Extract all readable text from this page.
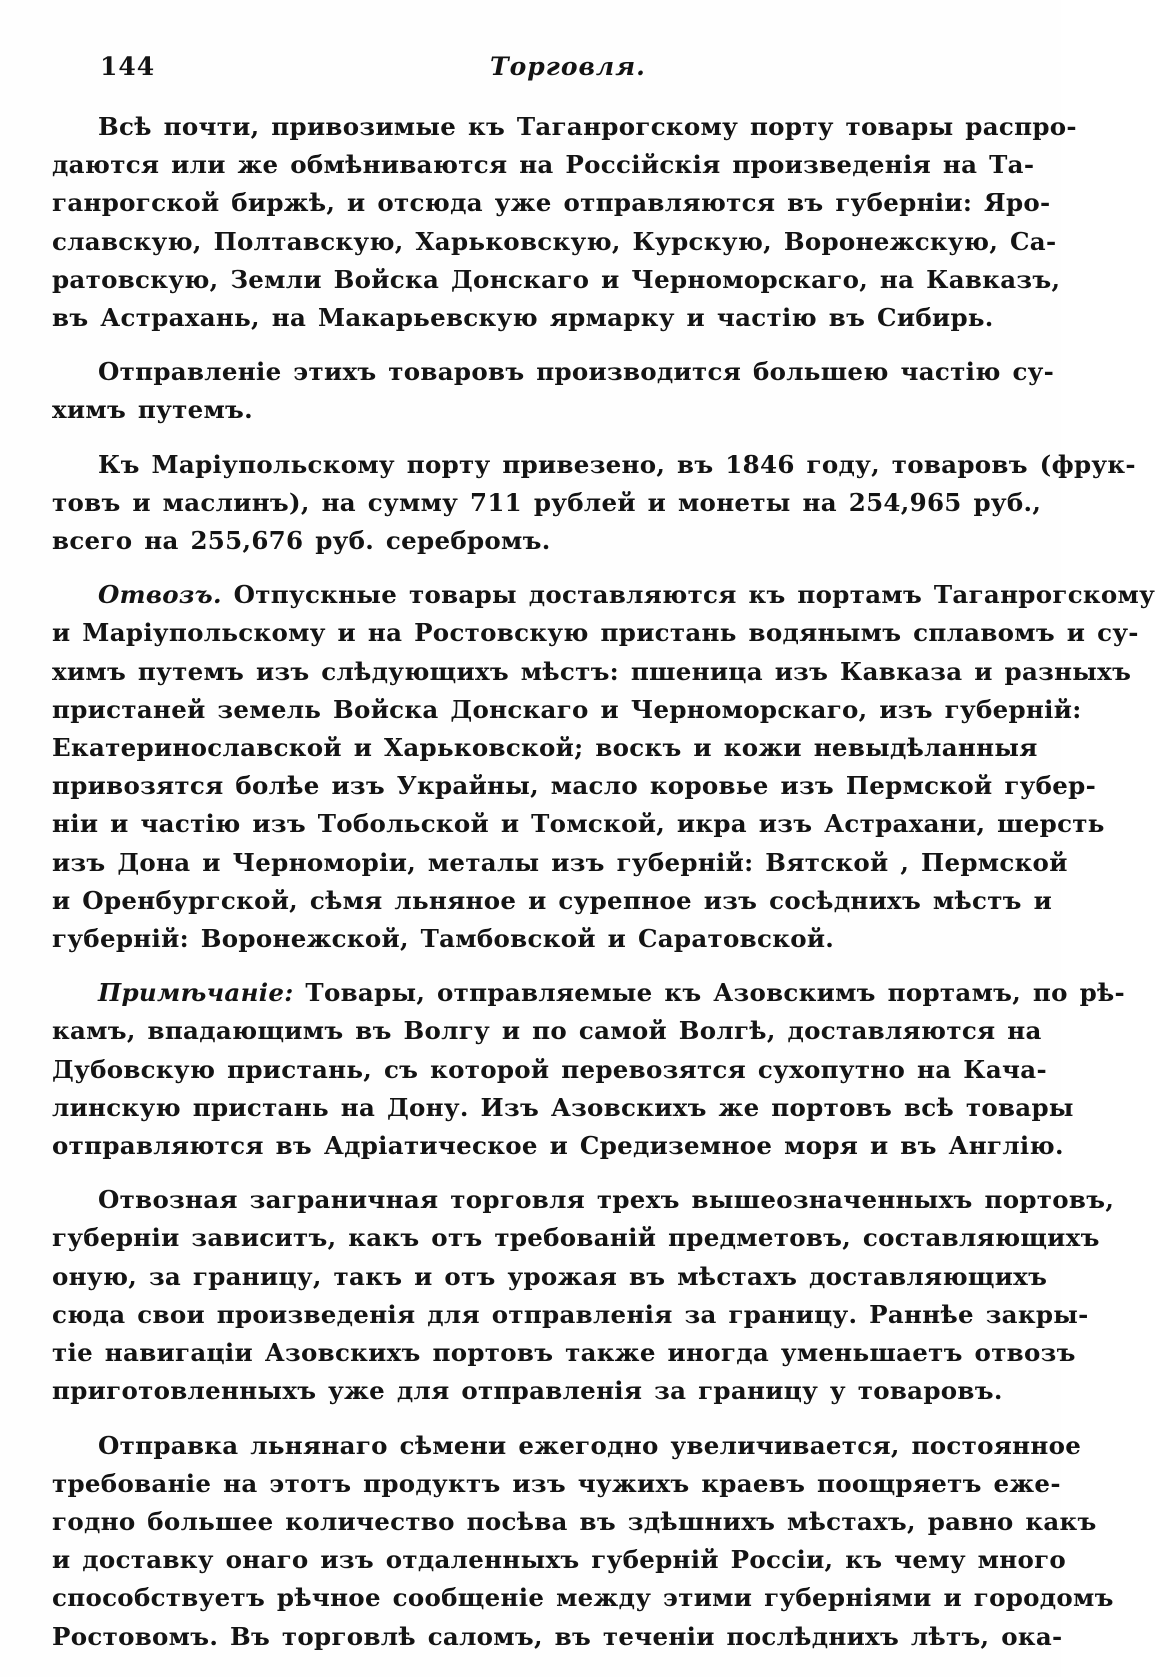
144	Торговля.

Всѣ почти, привозимые къ Таганрогскому порту товары распро-
даются или же обмѣниваются на Россійскія произведенія на Та-
ганрогской биржѣ, и отсюда уже отправляются въ губерніи: Яро-
славскую, Полтавскую, Харьковскую, Курскую, Воронежскую, Са-
ратовскую, Земли Войска Донскаго и Черноморскаго, на Кавказъ,
въ Астрахань, на Макарьевскую ярмарку и частію въ Сибирь.

Отправленіе этихъ товаровъ производится большею частію су-
химъ путемъ.

Къ Маріупольскому порту привезено, въ 1846 году, товаровъ (фрук-
товъ и маслинъ), на сумму 711 рублей и монеты на 254,965 руб.,
всего на 255,676 руб. серебромъ.

Отвозъ. Отпускные товары доставляются къ портамъ Таганрогскому
и Маріупольскому и на Ростовскую пристань водянымъ сплавомъ и су-
химъ путемъ изъ слѣдующихъ мѣстъ: пшеница изъ Кавказа и разныхъ
пристаней земель Войска Донскаго и Черноморскаго, изъ губерній:
Екатеринославской и Харьковской; воскъ и кожи невыдѣланныя
привозятся болѣе изъ Украйны, масло коровье изъ Пермской губер-
ніи и частію изъ Тобольской и Томской, икра изъ Астрахани, шерсть
изъ Дона и Черноморіи, металы изъ губерній: Вятской , Пермской
и Оренбургской, сѣмя льняное и сурепное изъ сосѣднихъ мѣстъ и
губерній: Воронежской, Тамбовской и Саратовской.

Примѣчаніе: Товары, отправляемые къ Азовскимъ портамъ, по рѣ-
камъ, впадающимъ въ Волгу и по самой Волгѣ, доставляются на
Дубовскую пристань, съ которой перевозятся сухопутно на Кача-
линскую пристань на Дону. Изъ Азовскихъ же портовъ всѣ товары
отправляются въ Адріатическое и Средиземное моря и въ Англію.

Отвозная заграничная торговля трехъ вышеозначенныхъ портовъ,
губерніи зависитъ, какъ отъ требованій предметовъ, составляющихъ
оную, за границу, такъ и отъ урожая въ мѣстахъ доставляющихъ
сюда свои произведенія для отправленія за границу. Раннѣе закры-
тіе навигаціи Азовскихъ портовъ также иногда уменьшаетъ отвозъ
приготовленныхъ уже для отправленія за границу у товаровъ.

Отправка льнянаго сѣмени ежегодно увеличивается, постоянное
требованіе на этотъ продуктъ изъ чужихъ краевъ поощряетъ еже-
годно большее количество посѣва въ здѣшнихъ мѣстахъ, равно какъ
и доставку онаго изъ отдаленныхъ губерній Россіи, къ чему много
способствуетъ рѣчное сообщеніе между этими губерніями и городомъ
Ростовомъ. Въ торговлѣ саломъ, въ теченіи послѣднихъ лѣтъ, ока-
